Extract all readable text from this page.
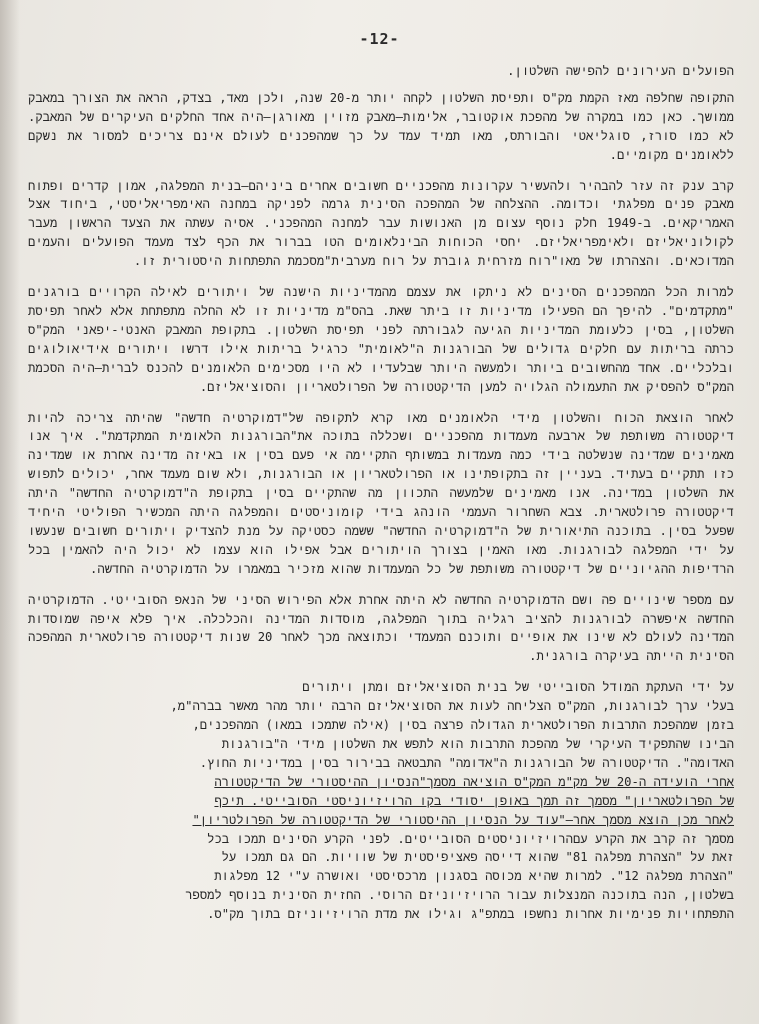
-12-

הפועלים העירונים להפישה השלטון.

התקופה שחלפה מאז הקמת מק"ס ותפיסת השלטון לקחה יותר מ-20 שנה, ולכן מאד, בצדק, הראה את הצורך במאבק ממושך. כאן כמו במקרה של מהפכת אוקטובר, אלימות—מאבק מזוין מאורגן—היה אחד החלקים העיקרים של המאבק. לא כמו סורז, סוגליאטי והבורתס, מאו תמיד עמד על כך שמהפכנים לעולם אינם צריכים למסור את נשקם ללאומנים מקומיים.

קרב ענק זה עזר להבהיר ולהעשיר עקרונות מהפכניים חשובים אחרים ביניהם—בנית המפלגה, אמון קדרים ופתוח מאבק פנים מפלגתי וכדומה. ההצלחה של המהפכה הסינית גרמה לפניקה במחנה האימפריאליסטי, ביחוד אצל האמריקאים. ב-1949 חלק נוסף עצום מן האנושות עבר למחנה המהפכני. אסיה עשתה את הצעד הראשון מעבר לקולוניאליזם ולאימפריאליזם. יחסי הכוחות הבינלאומים הטו בברור את הכף לצד מעמד הפועלים והעמים המדוכאים. והצהרתו של מאו"רוח מזרחית גוברת על רוח מערבית"מסכמת התפתחות היסטורית זו.

למרות הכל המהפכנים הסינים לא ניתקו את עצמם מהמדיניות הישנה של ויתורים לאילה הקרויים בורגנים "מתקדמים". להיפך הם הפעילו מדיניות זו ביתר שאת. בהס"מ מדיניות זו לא החלה מתפתחת אלא לאחר תפיסת השלטון, בסין כלעומת המדיניות הגיעה לגבורתה לפני תפיסת השלטון. בתקופת המאבק האנטי-יפאני המק"ס כרתה בריתות עם חלקים גדולים של הבורגנות ה"לאומית" כרגיל בריתות אילו דרשו ויתורים אידיאולוגים ובלכליים. אחד מהחשובים ביותר ולמעשה היותר שבלעדיו לא היו מסכימים הלאומנים להכנס לברית—היה הסכמת המק"ס להפסיק את התעמולה הגלויה למען הדיקטטורה של הפרולטאריון והסוציאליזם.

לאחר הוצאת הכוח והשלטון מידי הלאומנים מאו קרא לתקופה של"דמוקרטיה חדשה" שהיתה צריכה להיות דיקטטורה משותפת של ארבעה מעמדות מהפכניים ושכללה בתוכה את"הבורגנות הלאומית המתקדמת". איך אנו מאמינים שמדינה שנשלטה בידי כמה מעמדות במשותף התקיימה אי פעם בסין או באיזה מדינה אחרת או שמדינה כזו תתקיים בעתיד. בעניין זה בתקופתינו או הפרולטאריון או הבורגנות, ולא שום מעמד אחר, יכולים לתפוש את השלטון במדינה. אנו מאמינים שלמעשה התכוון מה שהתקיים בסין בתקופת ה"דמוקרטיה החדשה" היתה דיקטטורה פרולטארית. צבא השחרור העממי הונהג בידי קומוניסטים והמפלגה היתה המכשיר הפוליטי היחיד שפעל בסין. בתוכנה התיאורית של ה"דמוקרטיה החדשה" ששמה כסטיקה על מנת להצדיק ויתורים חשובים שנעשו על ידי המפלגה לבורגנות. מאו האמין בצורך הויתורים אבל אפילו הוא עצמו לא יכול היה להאמין בכל הרדיפות ההגיוניים של דיקטטורה משותפת של כל המעמדות שהוא מזכיר במאמרו על הדמוקרטיה החדשה.

עם מספר שינויים פה ושם הדמוקרטיה החדשה לא היתה אחרת אלא הפירוש הסיני של הנאפ הסובייטי. הדמוקרטיה החדשה איפשרה לבורגנות להציב רגליה בתוך המפלגה, מוסדות המדינה והכלכלה. איך פלא איפה שמוסדות המדינה לעולם לא שינו את אופיים ותוכנם המעמדי וכתוצאה מכך לאחר 20 שנות דיקטטורה פרולטארית המהפכה הסינית הייתה בעיקרה בורגנית.

על ידי העתקת המודל הסובייטי של בנית הסוציאליזם ומתן ויתורים
בעלי ערך לבורגנות, המק"ס הצליחה לעות את הסוציאליזם הרבה יותר מהר מאשר בברה"מ,
בזמן שמהפכת התרבות הפרולטארית הגדולה פרצה בסין (אילה שתמכו במאו) המהפכנים,
הבינו שהתפקיד העיקרי של מהפכת התרבות הוא לתפש את השלטון מידי ה"בורגנות
האדומה". הדיקטטורה של הבורגנות ה"אדומה" התבטאה בבירור בסין במדיניות החוץ.
אחרי הועידה ה-20 של מק"מ המק"ס הוציאה מסמך"הנסיון ההיסטורי של הדיקטטורה
של הפרולטאריון" מסמך זה תמך באופן יסודי בקו הרויזיוניסטי הסובייטי. תיכף
לאחר מכן הוצא מסמך אחר—"עוד על הנסיון ההיסטורי של הדיקטטורה של הפרולטריון"
מסמך זה קרב את הקרע עםהרויזיוניסטים הסובייטים. לפני הקרע הסינים תמכו בכל
זאת על "הצהרת מפלגה 81" שהוא דייסה פאציפיסטית של שוויות. הם גם תמכו על
"הצהרת מפלגה 12". למרות שהיא מכוסה בסגנון מרכסיסטי ואושרה ע"י 12 מפלגות
בשלטון, הנה בתוכנה המנצלות עבור הרויזיוניזם הרוסי. החזית הסינית בנוסף למספר
התפתחויות פנימיות אחרות נחשפו במתפ"ג וגילו את מדת הרויזיוניזם בתוך מק"ס.
